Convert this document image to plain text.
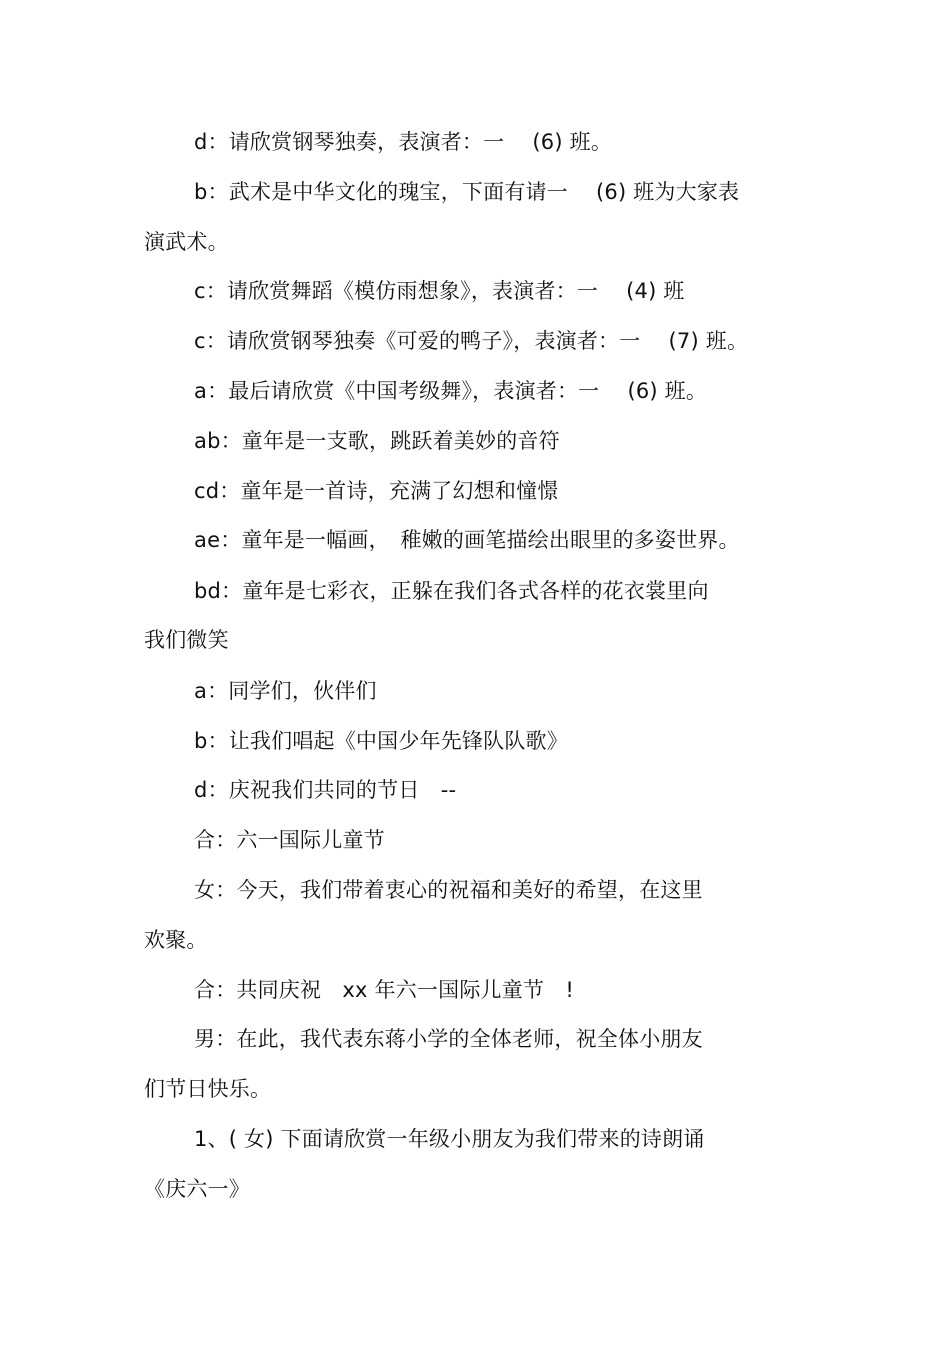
d：请欣赏钢琴独奏，表演者：一　 (6) 班。
b：武术是中华文化的瑰宝，下面有请一　 (6) 班为大家表
演武术。
c：请欣赏舞蹈《模仿雨想象》，表演者：一　 (4) 班
c：请欣赏钢琴独奏《可爱的鸭子》，表演者：一　 (7) 班。
a：最后请欣赏《中国考级舞》，表演者：一　 (6) 班。
ab：童年是一支歌，跳跃着美妙的音符
cd：童年是一首诗，充满了幻想和憧憬
ae：童年是一幅画，　稚嫩的画笔描绘出眼里的多姿世界。
bd：童年是七彩衣，正躲在我们各式各样的花衣裳里向
我们微笑
a：同学们，伙伴们
b：让我们唱起《中国少年先锋队队歌》
d：庆祝我们共同的节日　--
合：六一国际儿童节
女：今天，我们带着衷心的祝福和美好的希望，在这里
欢聚。
合：共同庆祝　xx 年六一国际儿童节　!
男：在此，我代表东蒋小学的全体老师，祝全体小朋友
们节日快乐。
1、( 女) 下面请欣赏一年级小朋友为我们带来的诗朗诵
《庆六一》
